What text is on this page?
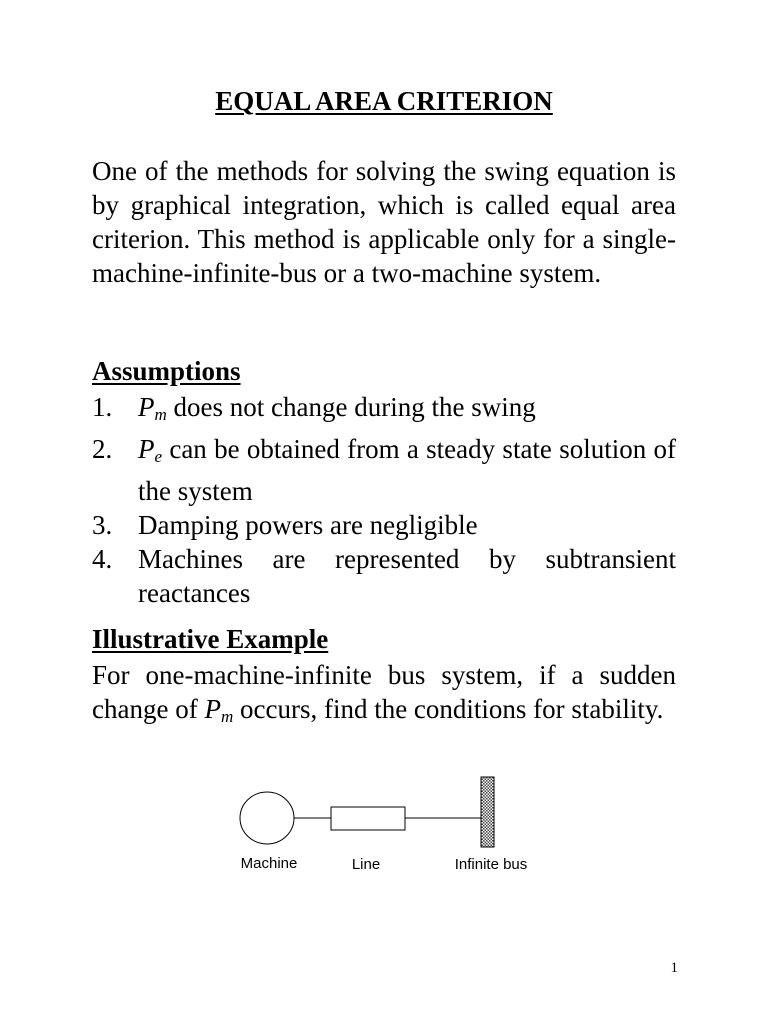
EQUAL AREA CRITERION
One of the methods for solving the swing equation is by graphical integration, which is called equal area criterion. This method is applicable only for a single-machine-infinite-bus or a two-machine system.
Assumptions
1. $P_m$ does not change during the swing
2. $P_e$ can be obtained from a steady state solution of the system
3. Damping powers are negligible
4. Machines are represented by subtransient reactances
Illustrative Example
For one-machine-infinite bus system, if a sudden change of $P_m$ occurs, find the conditions for stability.
Machine	Line	Infinite bus
1
